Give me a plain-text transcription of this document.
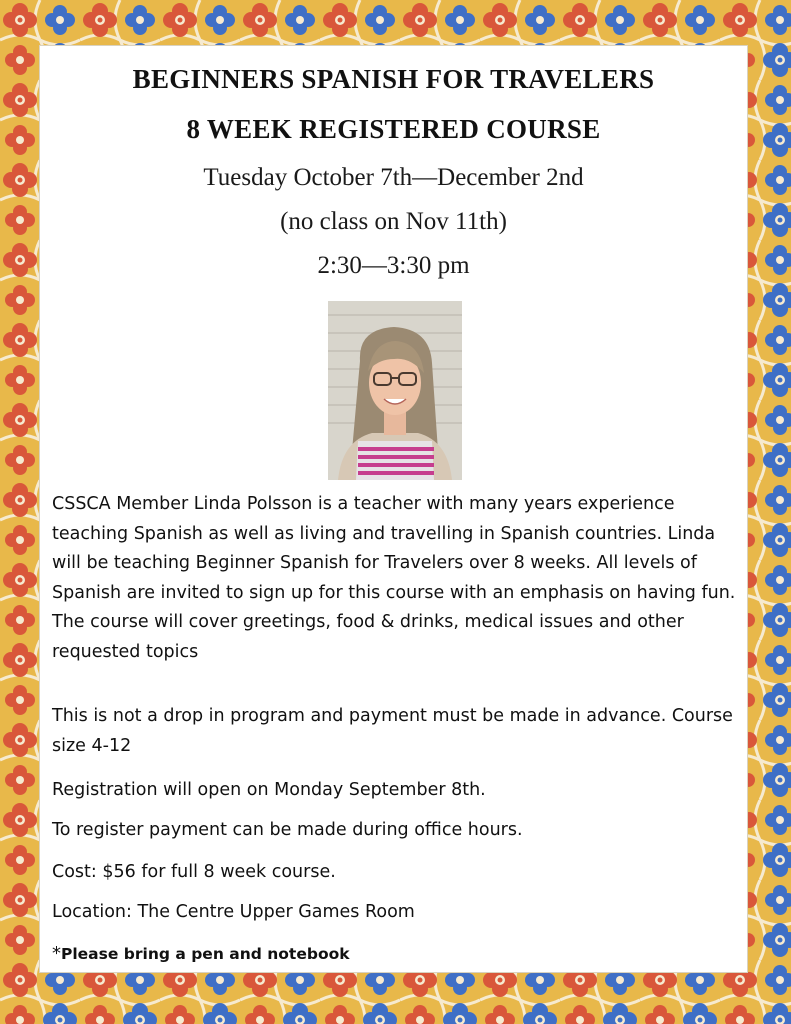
BEGINNERS SPANISH FOR TRAVELERS
8 WEEK REGISTERED COURSE
Tuesday October 7th—December 2nd
(no class on Nov 11th)
2:30—3:30 pm

CSSCA Member Linda Polsson is a teacher with many years experience teaching Spanish as well as living and travelling in Spanish countries. Linda will be teaching Beginner Spanish for Travelers over 8 weeks. All levels of Spanish are invited to sign up for this course with an emphasis on having fun. The course will cover greetings, food & drinks, medical issues and other requested topics

This is not a drop in program and payment must be made in advance. Course size 4-12

Registration will open on Monday September 8th.

To register payment can be made during office hours.

Cost: $56 for full 8 week course.

Location: The Centre Upper Games Room

*Please bring a pen and notebook
